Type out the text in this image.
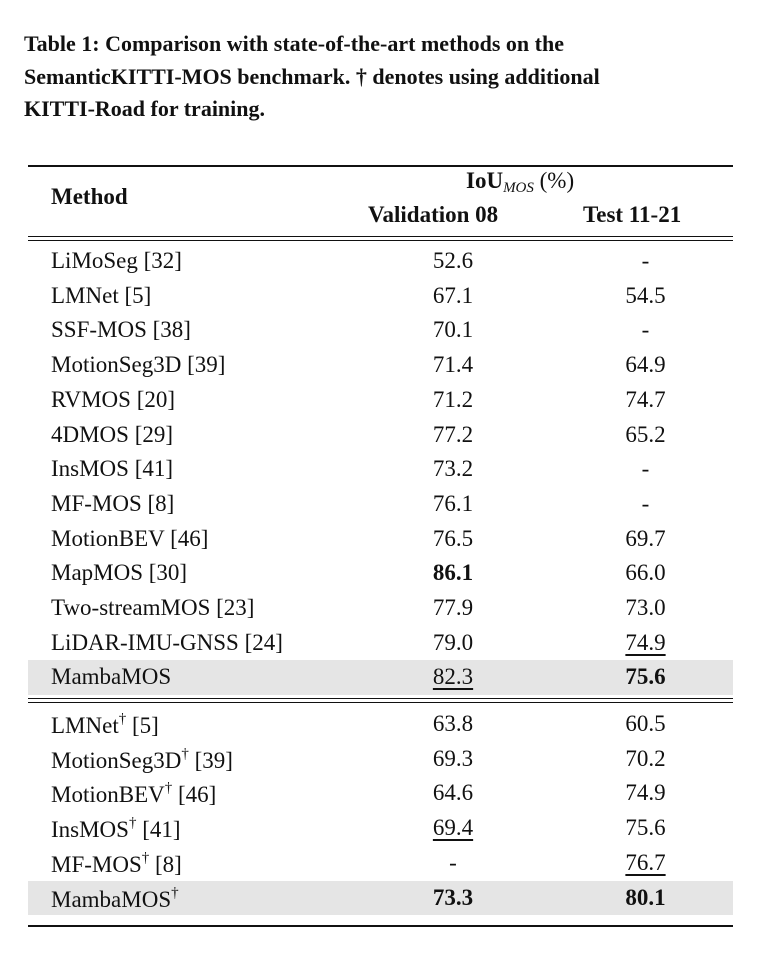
Table 1: Comparison with state-of-the-art methods on the
SemanticKITTI-MOS benchmark. † denotes using additional
KITTI-Road for training.
Method
IoU$_{MOS}$ (%)
Validation 08	Test 11-21
LiMoSeg [32]	52.6	-
LMNet [5]	67.1	54.5
SSF-MOS [38]	70.1	-
MotionSeg3D [39]	71.4	64.9
RVMOS [20]	71.2	74.7
4DMOS [29]	77.2	65.2
InsMOS [41]	73.2	-
MF-MOS [8]	76.1	-
MotionBEV [46]	76.5	69.7
MapMOS [30]	86.1	66.0
Two-streamMOS [23]	77.9	73.0
LiDAR-IMU-GNSS [24]	79.0	74.9
MambaMOS	82.3	75.6
LMNet† [5]	63.8	60.5
MotionSeg3D† [39]	69.3	70.2
MotionBEV† [46]	64.6	74.9
InsMOS† [41]	69.4	75.6
MF-MOS† [8]	-	76.7
MambaMOS†	73.3	80.1
